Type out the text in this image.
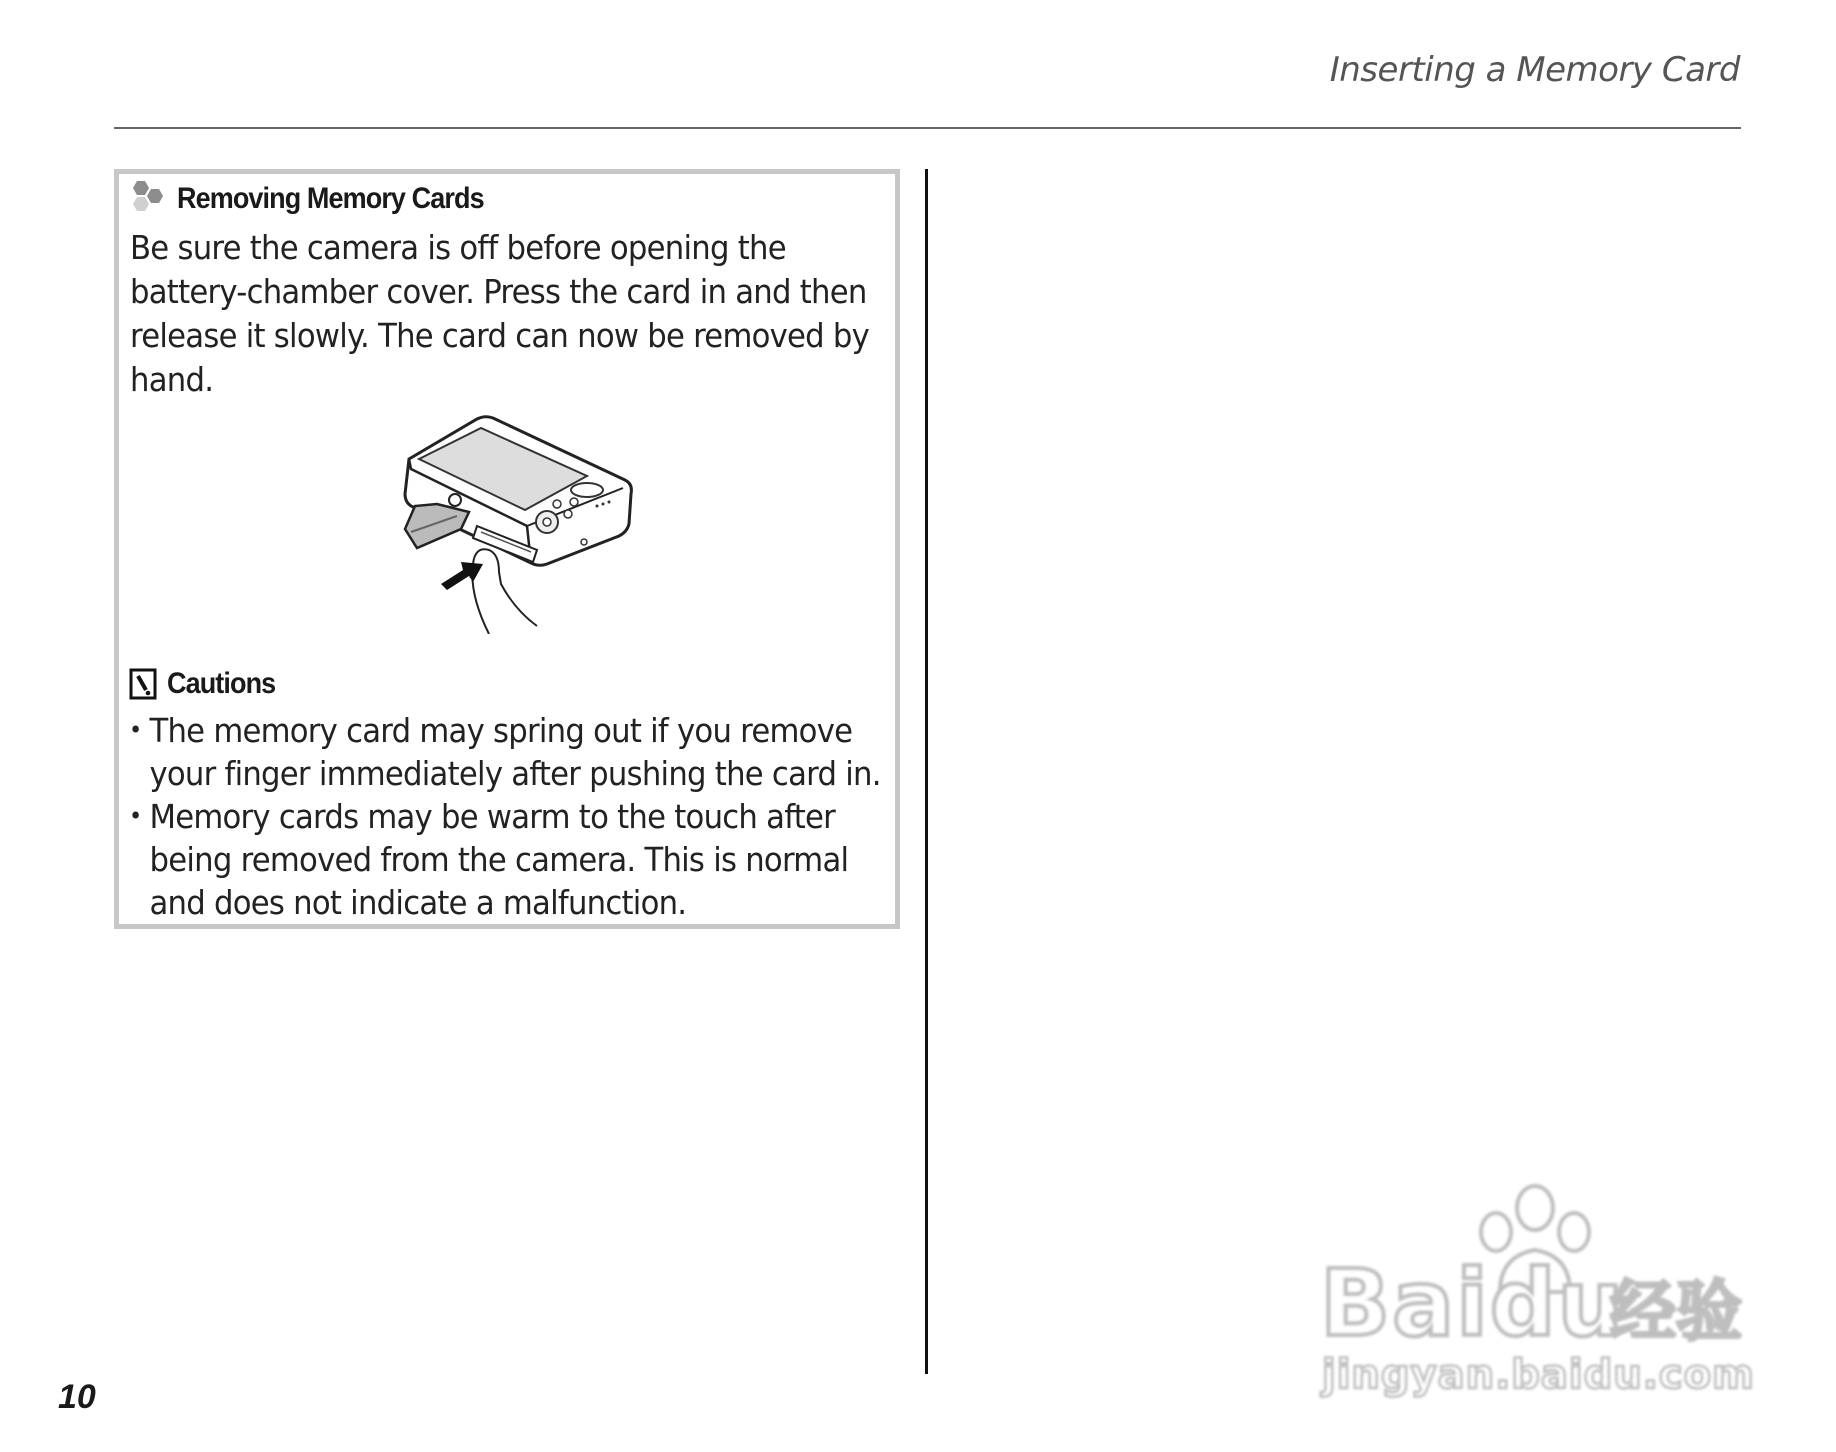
Inserting a Memory Card
Removing Memory Cards
Be sure the camera is off before opening the battery-chamber cover. Press the card in and then release it slowly. The card can now be removed by hand.
Cautions
• The memory card may spring out if you remove your finger immediately after pushing the card in.
• Memory cards may be warm to the touch after being removed from the camera. This is normal and does not indicate a malfunction.
10
Baidu
经验
jingyan.baidu.com
